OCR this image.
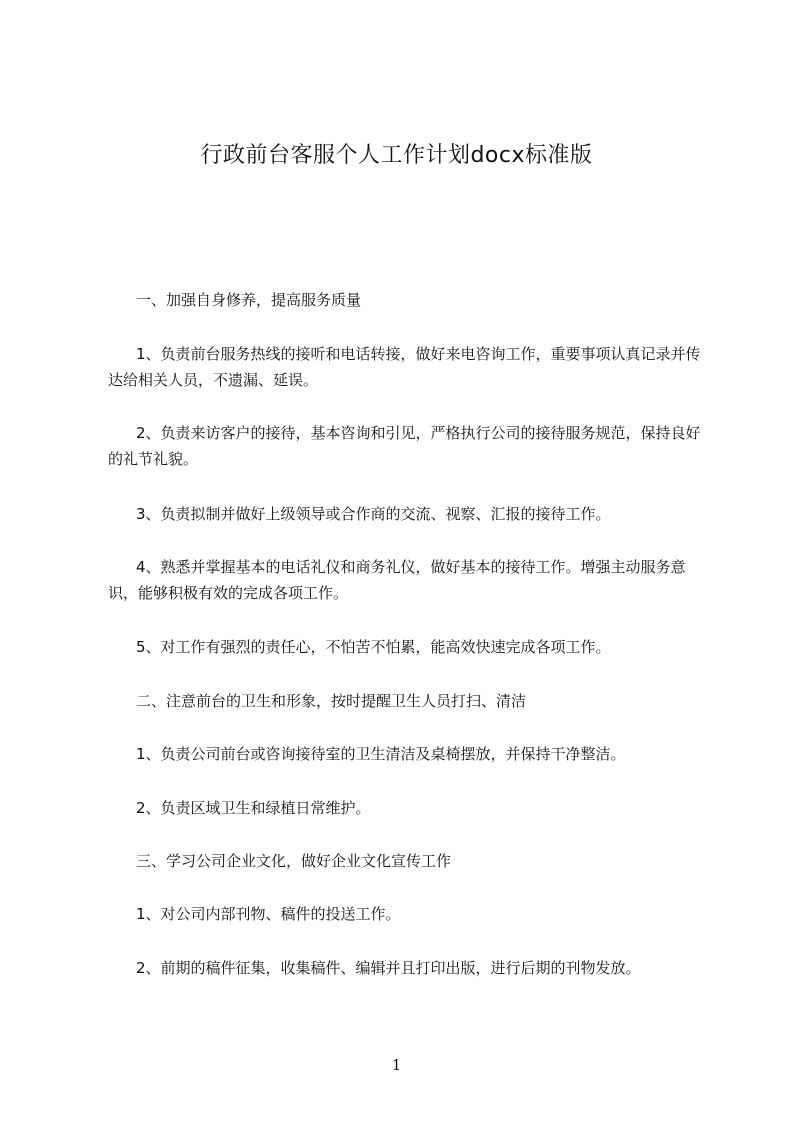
行政前台客服个人工作计划docx标准版

一、加强自身修养，提高服务质量

1、负责前台服务热线的接听和电话转接，做好来电咨询工作，重要事项认真记录并传达给相关人员，不遗漏、延误。

2、负责来访客户的接待，基本咨询和引见，严格执行公司的接待服务规范，保持良好的礼节礼貌。

3、负责拟制并做好上级领导或合作商的交流、视察、汇报的接待工作。

4、熟悉并掌握基本的电话礼仪和商务礼仪，做好基本的接待工作。增强主动服务意识，能够积极有效的完成各项工作。

5、对工作有强烈的责任心，不怕苦不怕累，能高效快速完成各项工作。

二、注意前台的卫生和形象，按时提醒卫生人员打扫、清洁

1、负责公司前台或咨询接待室的卫生清洁及桌椅摆放，并保持干净整洁。

2、负责区域卫生和绿植日常维护。

三、学习公司企业文化，做好企业文化宣传工作

1、对公司内部刊物、稿件的投送工作。

2、前期的稿件征集，收集稿件、编辑并且打印出版，进行后期的刊物发放。

1
